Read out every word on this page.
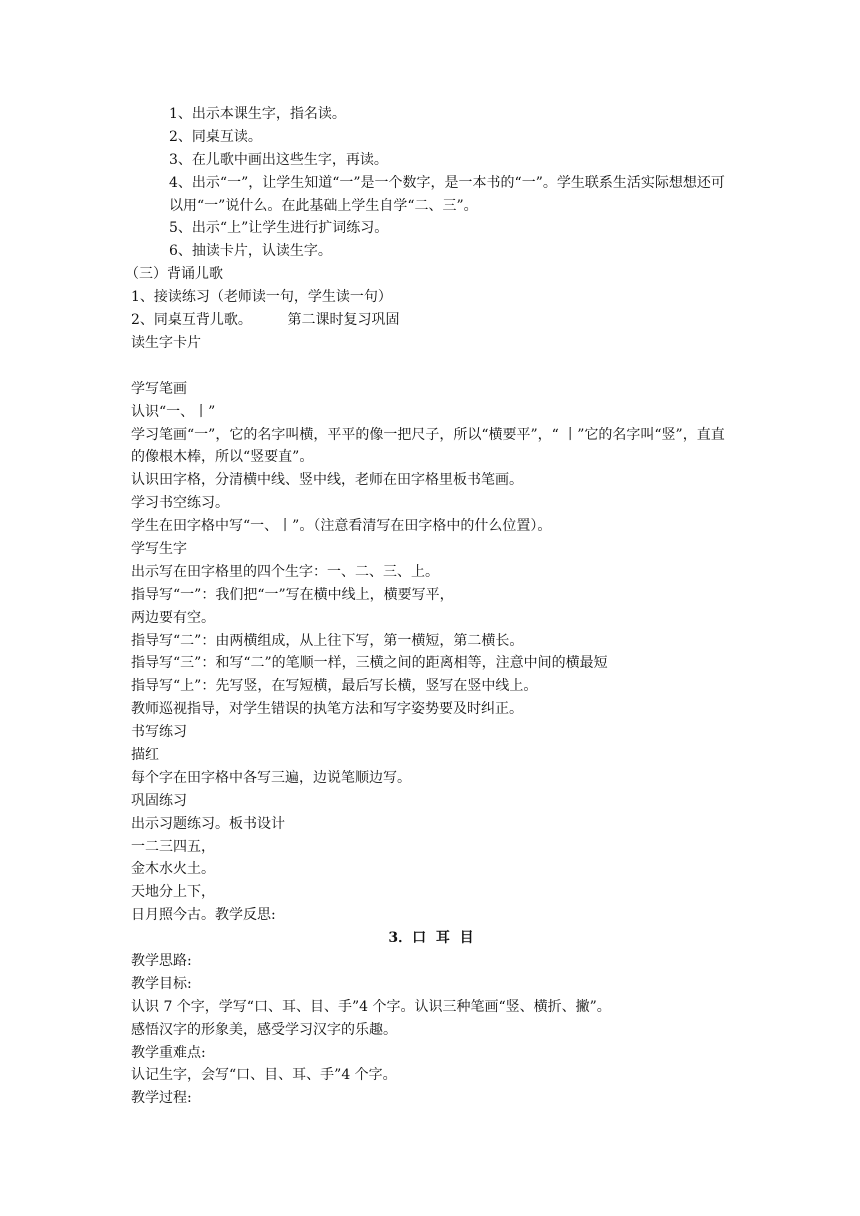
1、出示本课生字，指名读。
2、同桌互读。
3、在儿歌中画出这些生字，再读。
4、出示“一”，让学生知道“一”是一个数字，是一本书的“一”。学生联系生活实际想想还可以用“一”说什么。在此基础上学生自学“二、三”。
5、出示“上”让学生进行扩词练习。
6、抽读卡片，认读生字。
（三）背诵儿歌
1、接读练习（老师读一句，学生读一句）
2、同桌互背儿歌。        第二课时复习巩固
读生字卡片
学写笔画
认识“一、丨”
学习笔画“一”，它的名字叫横，平平的像一把尺子，所以“横要平”，“ 丨”它的名字叫“竖”，直直的像根木棒，所以“竖要直”。
认识田字格，分清横中线、竖中线，老师在田字格里板书笔画。
学习书空练习。
学生在田字格中写“一、丨”。（注意看清写在田字格中的什么位置）。
学写生字
出示写在田字格里的四个生字：一、二、三、上。
指导写“一”：我们把“一”写在横中线上，横要写平，
两边要有空。
指导写“二”：由两横组成，从上往下写，第一横短，第二横长。
指导写“三”：和写“二”的笔顺一样，三横之间的距离相等，注意中间的横最短
指导写“上”：先写竖，在写短横，最后写长横，竖写在竖中线上。
教师巡视指导，对学生错误的执笔方法和写字姿势要及时纠正。
书写练习
描红
每个字在田字格中各写三遍，边说笔顺边写。
巩固练习
出示习题练习。板书设计
一二三四五，
金木水火土。
天地分上下，
日月照今古。教学反思:
3．口  耳  目
教学思路:
教学目标:
认识 7 个字，学写“口、耳、目、手”4 个字。认识三种笔画“竖、横折、撇”。
感悟汉字的形象美，感受学习汉字的乐趣。
教学重难点:
认记生字，会写“口、目、耳、手”4 个字。
教学过程:
